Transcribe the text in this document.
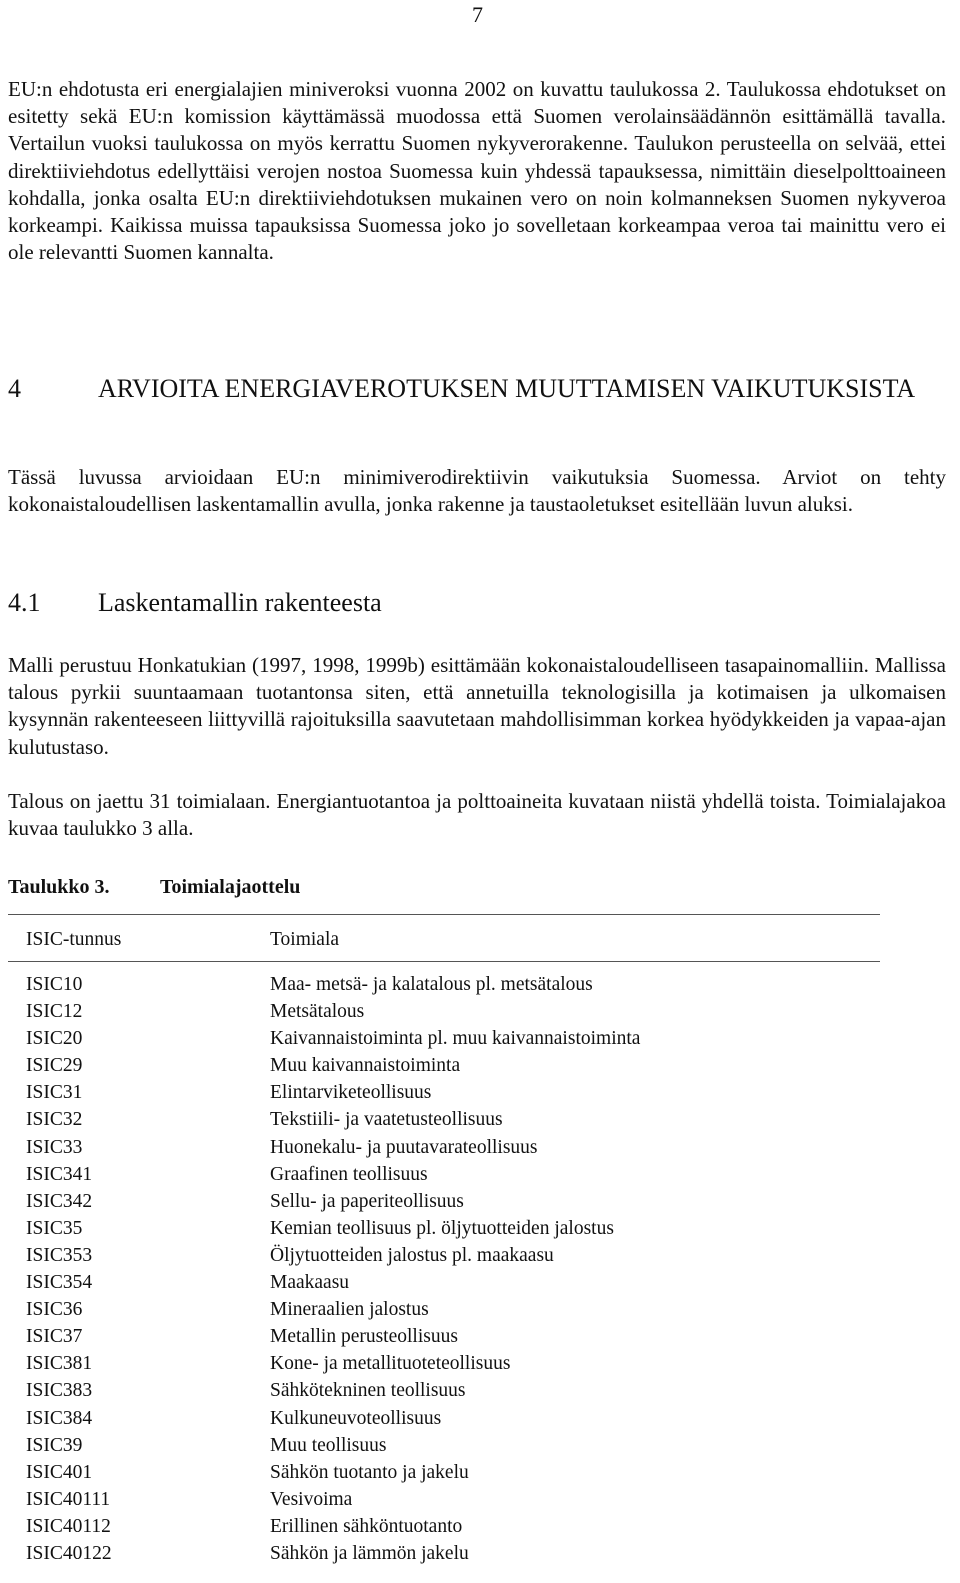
7

EU:n ehdotusta eri energialajien miniveroksi vuonna 2002 on kuvattu taulukossa 2. Taulukossa ehdotukset on esitetty sekä EU:n komission käyttämässä muodossa että Suomen verolainsäädännön esittämällä tavalla. Vertailun vuoksi taulukossa on myös kerrattu Suomen nykyverorakenne. Taulukon perusteella on selvää, ettei direktiiviehdotus edellyttäisi verojen nostoa Suomessa kuin yhdessä tapauksessa, nimittäin dieselpolttoaineen kohdalla, jonka osalta EU:n direktiiviehdotuksen mukainen vero on noin kolmanneksen Suomen nykyveroa korkeampi. Kaikissa muissa tapauksissa Suomessa joko jo sovelletaan korkeampaa veroa tai mainittu vero ei ole relevantti Suomen kannalta.

4	ARVIOITA ENERGIAVEROTUKSEN MUUTTAMISEN VAIKUTUKSISTA

Tässä luvussa arvioidaan EU:n minimiverodirektiivin vaikutuksia Suomessa. Arviot on tehty kokonaistaloudellisen laskentamallin avulla, jonka rakenne ja taustaoletukset esitellään luvun aluksi.

4.1 Laskentamallin rakenteesta

Malli perustuu Honkatukian (1997, 1998, 1999b) esittämään kokonaistaloudelliseen tasapainomalliin. Mallissa talous pyrkii suuntaamaan tuotantonsa siten, että annetuilla teknologisilla ja kotimaisen ja ulkomaisen kysynnän rakenteeseen liittyvillä rajoituksilla saavutetaan mahdollisimman korkea hyödykkeiden ja vapaa-ajan kulutustaso.

Talous on jaettu 31 toimialaan. Energiantuotantoa ja polttoaineita kuvataan niistä yhdellä toista. Toimialajakoa kuvaa taulukko 3 alla.

Taulukko 3.	Toimialajaottelu
ISIC-tunnus	Toimiala
ISIC10	Maa- metsä- ja kalatalous pl. metsätalous
ISIC12	Metsätalous
ISIC20	Kaivannaistoiminta pl. muu kaivannaistoiminta
ISIC29	Muu kaivannaistoiminta
ISIC31	Elintarviketeollisuus
ISIC32	Tekstiili- ja vaatetusteollisuus
ISIC33	Huonekalu- ja puutavarateollisuus
ISIC341	Graafinen teollisuus
ISIC342	Sellu- ja paperiteollisuus
ISIC35	Kemian teollisuus pl. öljytuotteiden jalostus
ISIC353	Öljytuotteiden jalostus pl. maakaasu
ISIC354	Maakaasu
ISIC36	Mineraalien jalostus
ISIC37	Metallin perusteollisuus
ISIC381	Kone- ja metallituoteteollisuus
ISIC383	Sähkötekninen teollisuus
ISIC384	Kulkuneuvoteollisuus
ISIC39	Muu teollisuus
ISIC401	Sähkön tuotanto ja jakelu
ISIC40111	Vesivoima
ISIC40112	Erillinen sähköntuotanto
ISIC40122	Sähkön ja lämmön jakelu
